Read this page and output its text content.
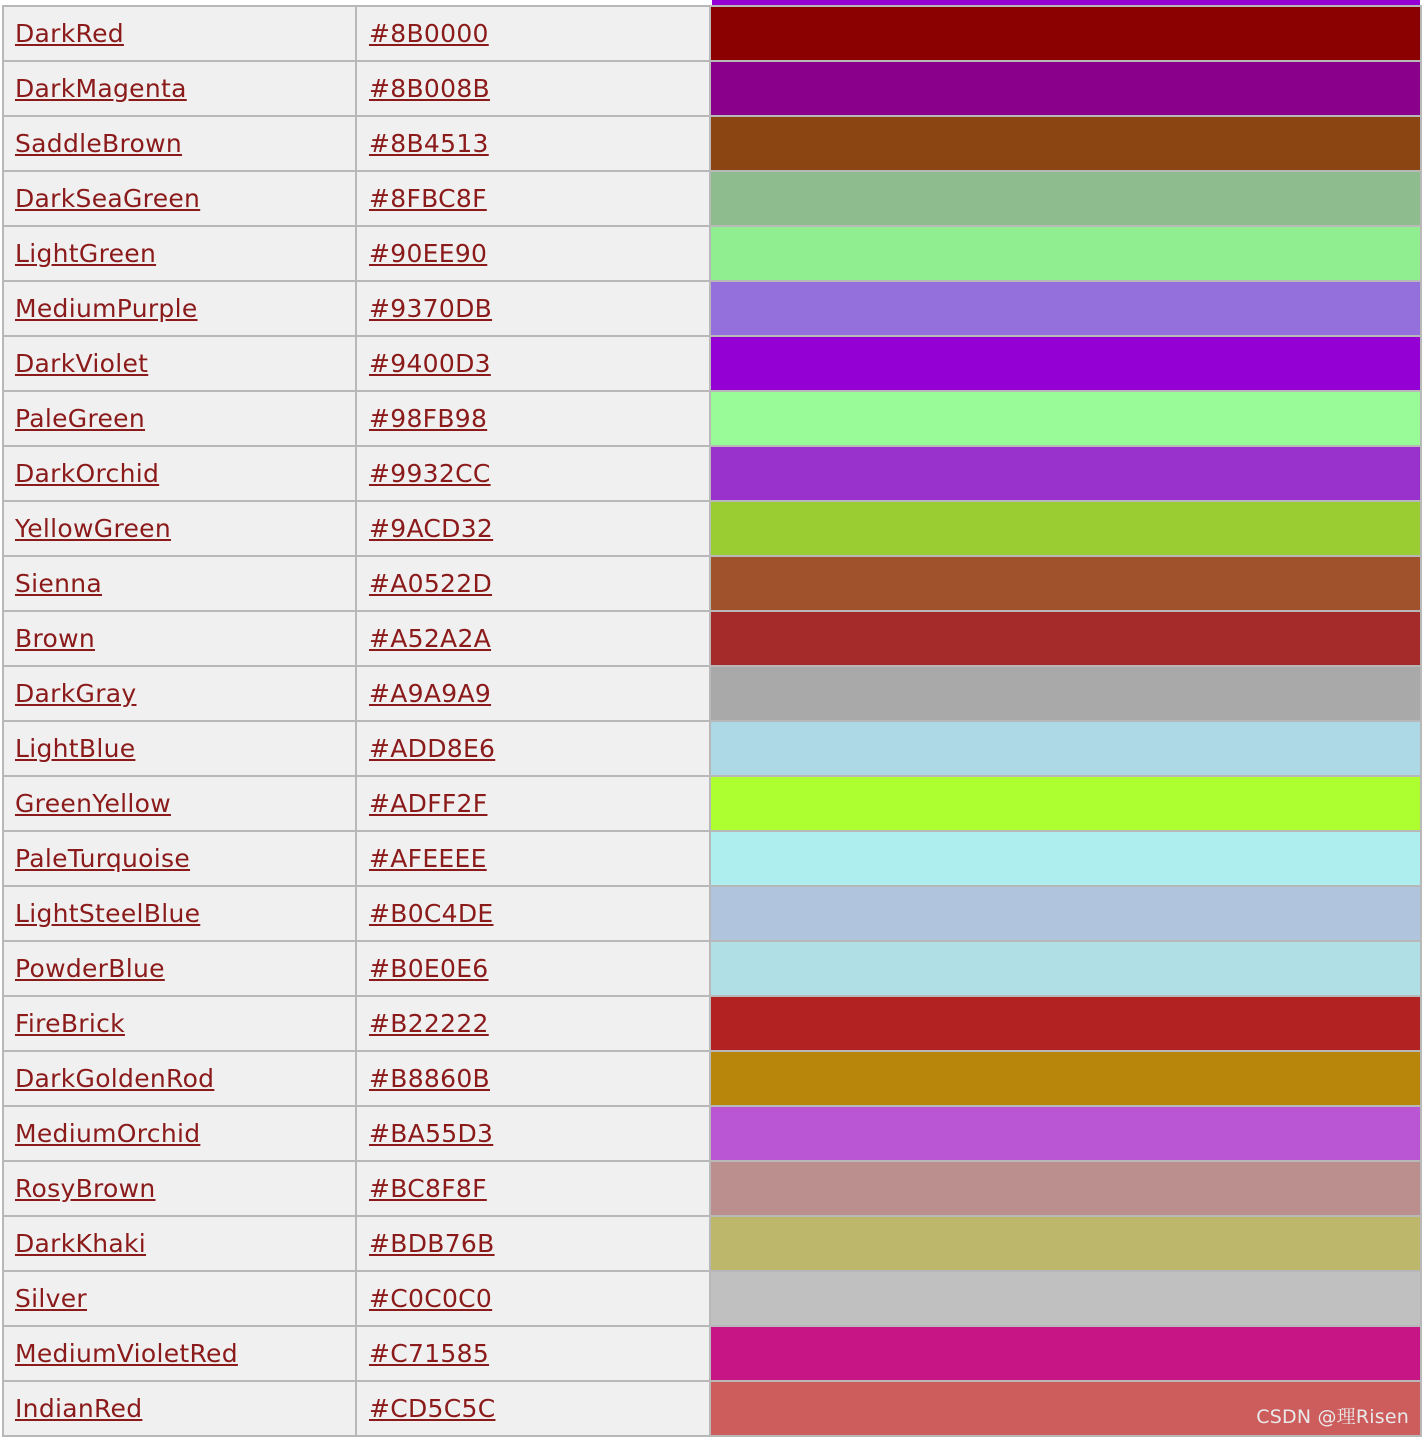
DarkRed	#8B0000
DarkMagenta	#8B008B
SaddleBrown	#8B4513
DarkSeaGreen	#8FBC8F
LightGreen	#90EE90
MediumPurple	#9370DB
DarkViolet	#9400D3
PaleGreen	#98FB98
DarkOrchid	#9932CC
YellowGreen	#9ACD32
Sienna	#A0522D
Brown	#A52A2A
DarkGray	#A9A9A9
LightBlue	#ADD8E6
GreenYellow	#ADFF2F
PaleTurquoise	#AFEEEE
LightSteelBlue	#B0C4DE
PowderBlue	#B0E0E6
FireBrick	#B22222
DarkGoldenRod	#B8860B
MediumOrchid	#BA55D3
RosyBrown	#BC8F8F
DarkKhaki	#BDB76B
Silver	#C0C0C0
MediumVioletRed	#C71585
IndianRed	#CD5C5C	CSDN @理Risen
